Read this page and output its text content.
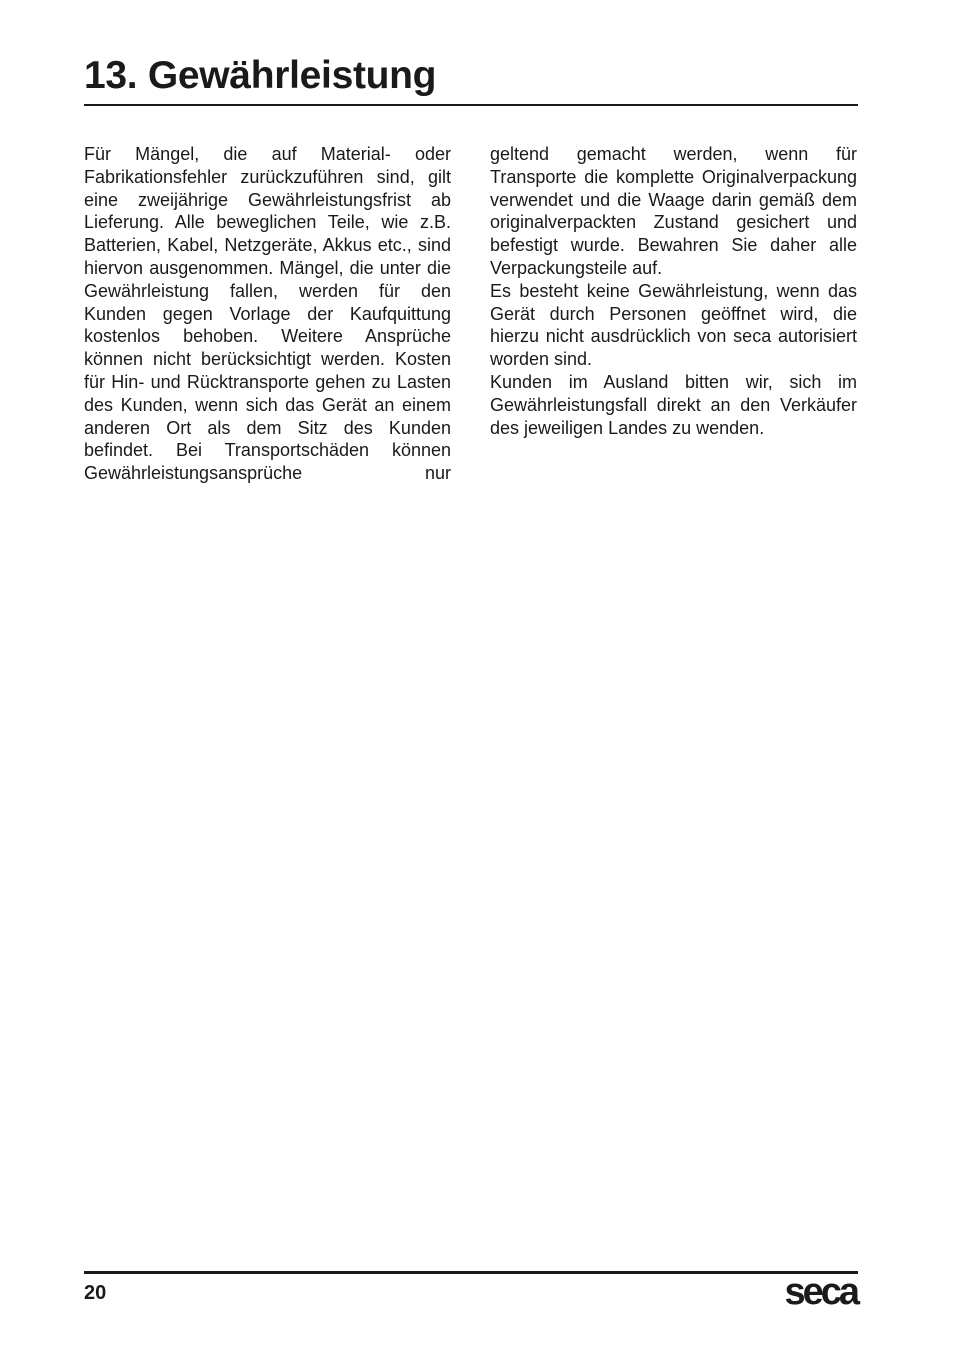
13. Gewährleistung

Für Mängel, die auf Material- oder Fabrikationsfehler zurückzuführen sind, gilt eine zweijährige Gewährleistungsfrist ab Lieferung. Alle beweglichen Teile, wie z.B. Batterien, Kabel, Netzgeräte, Akkus etc., sind hiervon ausgenommen. Mängel, die unter die Gewährleistung fallen, werden für den Kunden gegen Vorlage der Kaufquittung kostenlos behoben. Weitere Ansprüche können nicht berücksichtigt werden. Kosten für Hin- und Rücktransporte gehen zu Lasten des Kunden, wenn sich das Gerät an einem anderen Ort als dem Sitz des Kunden befindet. Bei Transportschäden können Gewährleistungsansprüche nur

geltend gemacht werden, wenn für Transporte die komplette Originalverpackung verwendet und die Waage darin gemäß dem originalverpackten Zustand gesichert und befestigt wurde. Bewahren Sie daher alle Verpackungsteile auf.

Es besteht keine Gewährleistung, wenn das Gerät durch Personen geöffnet wird, die hierzu nicht ausdrücklich von seca autorisiert worden sind.

Kunden im Ausland bitten wir, sich im Gewährleistungsfall direkt an den Verkäufer des jeweiligen Landes zu wenden.

20	seca
